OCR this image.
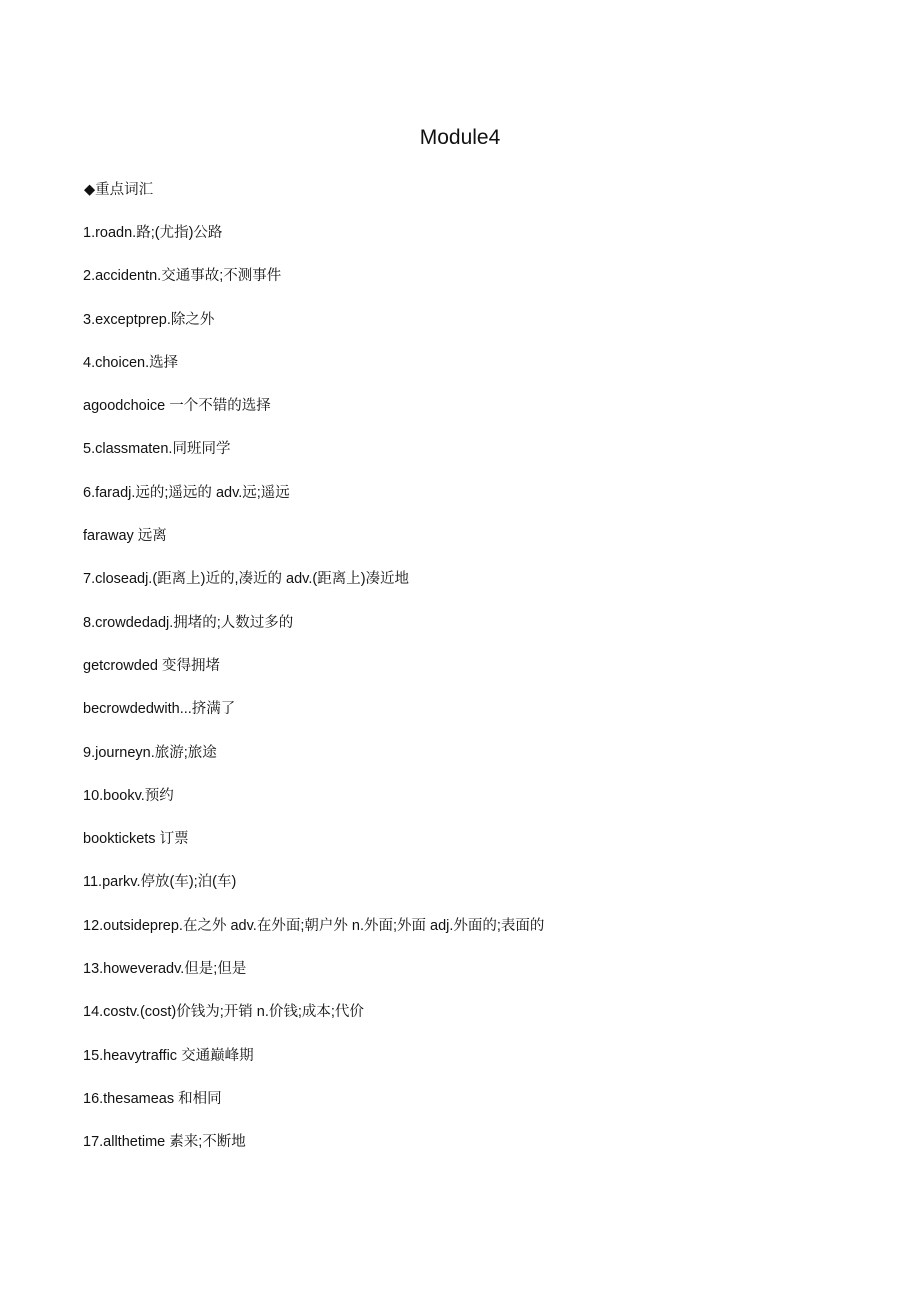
Module4
◆重点词汇
1.roadn.路;(尤指)公路
2.accidentn.交通事故;不测事件
3.exceptprep.除之外
4.choicen.选择
agoodchoice 一个不错的选择
5.classmaten.同班同学
6.faradj.远的;遥远的 adv.远;遥远
faraway 远离
7.closeadj.(距离上)近的,凑近的 adv.(距离上)凑近地
8.crowdedadj.拥堵的;人数过多的
getcrowded 变得拥堵
becrowdedwith...挤满了
9.journeyn.旅游;旅途
10.bookv.预约
booktickets 订票
11.parkv.停放(车);泊(车)
12.outsideprep.在之外 adv.在外面;朝户外 n.外面;外面 adj.外面的;表面的
13.howeveradv.但是;但是
14.costv.(cost)价钱为;开销 n.价钱;成本;代价
15.heavytraffic 交通巅峰期
16.thesameas 和相同
17.allthetime 素来;不断地
